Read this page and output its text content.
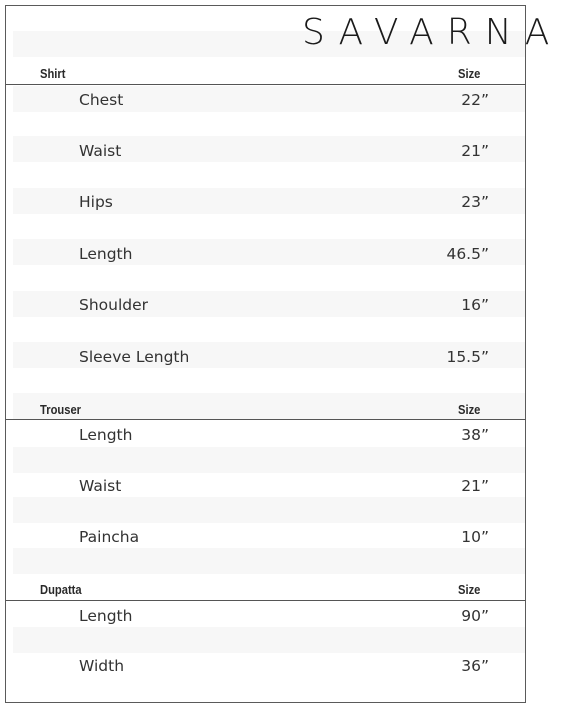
SAVARNA
Shirt	Size
Chest	22”
Waist	21”
Hips	23”
Length	46.5”
Shoulder	16”
Sleeve Length	15.5”
Trouser	Size
Length	38”
Waist	21”
Paincha	10”
Dupatta	Size
Length	90”
Width	36”
